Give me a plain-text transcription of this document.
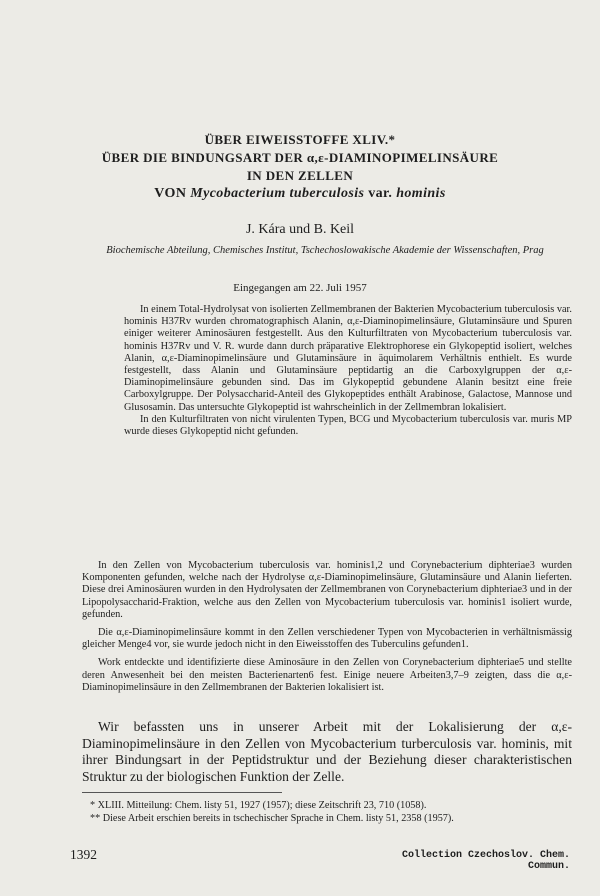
ÜBER EIWEISSTOFFE XLIV.*
ÜBER DIE BINDUNGSART DER α,ε-DIAMINOPIMELINSÄURE
IN DEN ZELLEN
VON Mycobacterium tuberculosis var. hominis
J. Kára und B. Keil
Biochemische Abteilung, Chemisches Institut, Tschechoslowakische Akademie der Wissenschaften, Prag
Eingegangen am 22. Juli 1957

In einem Total-Hydrolysat von isolierten Zellmembranen der Bakterien Mycobacterium tuberculosis var. hominis H37Rv wurden chromatographisch Alanin, α,ε-Diaminopimelinsäure, Glutaminsäure und Spuren einiger weiterer Aminosäuren festgestellt. Aus den Kulturfiltraten von Mycobacterium tuberculosis var. hominis H37Rv und V. R. wurde dann durch präparative Elektrophorese ein Glykopeptid isoliert, welches Alanin, α,ε-Diaminopimelinsäure und Glutaminsäure in äquimolarem Verhältnis enthielt. Es wurde festgestellt, dass Alanin und Glutaminsäure peptidartig an die Carboxylgruppen der α,ε-Diaminopimelinsäure gebunden sind. Das im Glykopeptid gebundene Alanin besitzt eine freie Carboxylgruppe. Der Polysaccharid-Anteil des Glykopeptides enthält Arabinose, Galactose, Mannose und Glusosamin. Das untersuchte Glykopeptid ist wahrscheinlich in der Zellmembran lokalisiert.

In den Kulturfiltraten von nicht virulenten Typen, BCG und Mycobacterium tuberculosis var. muris MP wurde dieses Glykopeptid nicht gefunden.

In den Zellen von Mycobacterium tuberculosis var. hominis1,2 und Corynebacterium diphteriae3 wurden Komponenten gefunden, welche nach der Hydrolyse α,ε-Diaminopimelinsäure, Glutaminsäure und Alanin lieferten. Diese drei Aminosäuren wurden in den Hydrolysaten der Zellmembranen von Corynebacterium diphteriae3 und in der Lipopolysaccharid-Fraktion, welche aus den Zellen von Mycobacterium tuberculosis var. hominis1 isoliert wurde, gefunden.

Die α,ε-Diaminopimelinsäure kommt in den Zellen verschiedener Typen von Mycobacterien in verhältnismässig gleicher Menge4 vor, sie wurde jedoch nicht in den Eiweisstoffen des Tuberculins gefunden1.

Work entdeckte und identifizierte diese Aminosäure in den Zellen von Corynebacterium diphteriae5 und stellte deren Anwesenheit bei den meisten Bacterienarten6 fest. Einige neuere Arbeiten3,7–9 zeigten, dass die α,ε-Diaminopimelinsäure in den Zellmembranen der Bakterien lokalisiert ist.

Wir befassten uns in unserer Arbeit mit der Lokalisierung der α,ε-Diaminopimelinsäure in den Zellen von Mycobacterium turberculosis var. hominis, mit ihrer Bindungsart in der Peptidstruktur und der Beziehung dieser charakteristischen Struktur zu der biologischen Funktion der Zelle.

* XLIII. Mitteilung: Chem. listy 51, 1927 (1957); diese Zeitschrift 23, 710 (1058).
** Diese Arbeit erschien bereits in tschechischer Sprache in Chem. listy 51, 2358 (1957).
1392	Collection Czechoslov. Chem. Commun.
